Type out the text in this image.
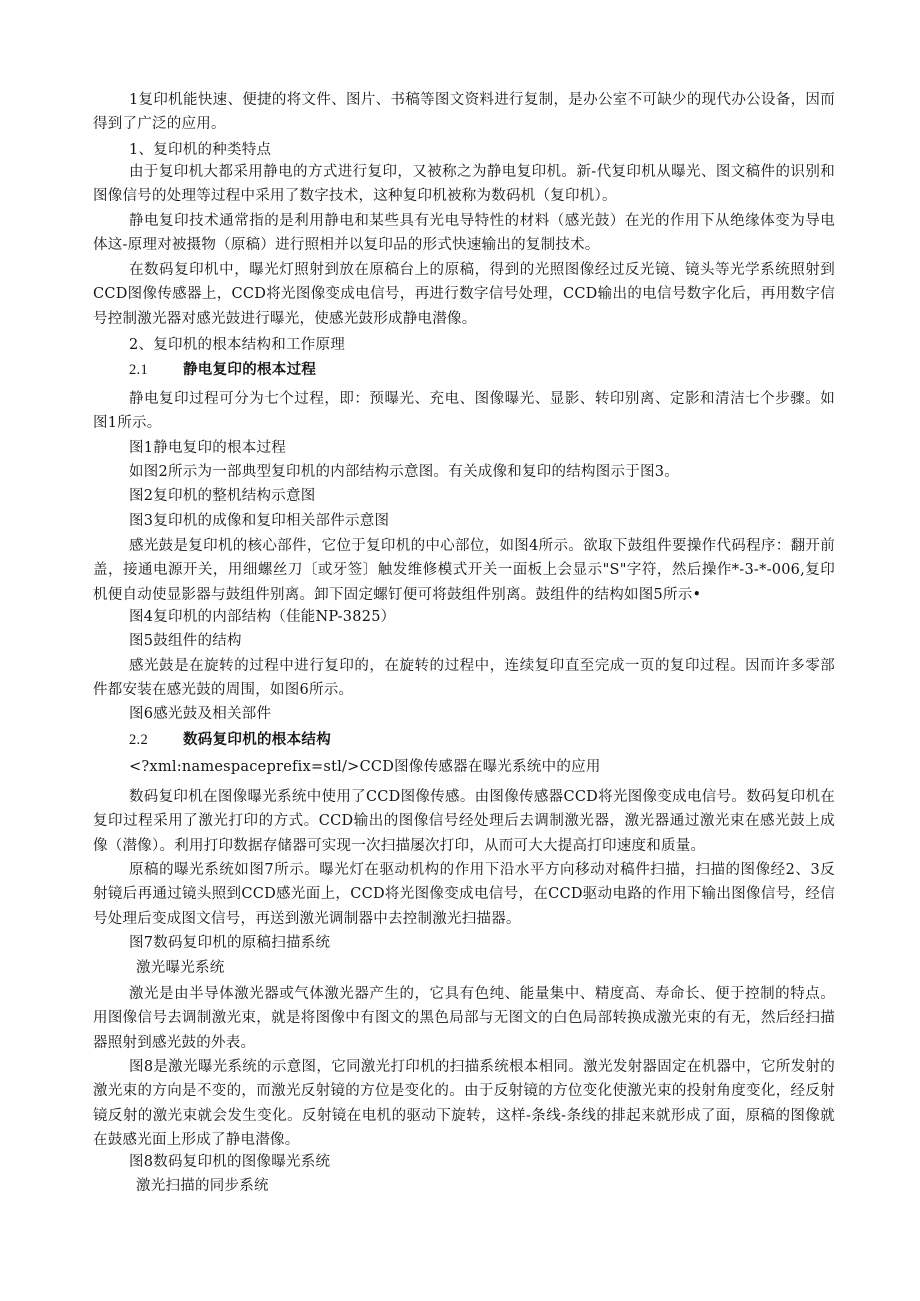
1复印机能快速、便捷的将文件、图片、书稿等图文资料进行复制，是办公室不可缺少的现代办公设备，因而得到了广泛的应用。

1、复印机的种类特点

由于复印机大都采用静电的方式进行复印，又被称之为静电复印机。新-代复印机从曝光、图文稿件的识别和图像信号的处理等过程中采用了数字技术，这种复印机被称为数码机（复印机）。

静电复印技术通常指的是利用静电和某些具有光电导特性的材料（感光鼓）在光的作用下从绝缘体变为导电体这-原理对被摄物（原稿）进行照相并以复印品的形式快速输出的复制技术。

在数码复印机中，曝光灯照射到放在原稿台上的原稿，得到的光照图像经过反光镜、镜头等光学系统照射到CCD图像传感器上，CCD将光图像变成电信号，再进行数字信号处理，CCD输出的电信号数字化后，再用数字信号控制激光器对感光鼓进行曝光，使感光鼓形成静电潜像。

2、复印机的根本结构和工作原理

2.1 静电复印的根本过程

静电复印过程可分为七个过程，即：预曝光、充电、图像曝光、显影、转印别离、定影和清洁七个步骤。如图1所示。

图1静电复印的根本过程

如图2所示为一部典型复印机的内部结构示意图。有关成像和复印的结构图示于图3。

图2复印机的整机结构示意图

图3复印机的成像和复印相关部件示意图

感光鼓是复印机的核心部件，它位于复印机的中心部位，如图4所示。欲取下鼓组件要操作代码程序：翻开前盖，接通电源开关，用细螺丝刀〔或牙签〕触发维修模式开关一面板上会显示"S"字符，然后操作*-3-*-006,复印机便自动使显影器与鼓组件别离。卸下固定螺钉便可将鼓组件别离。鼓组件的结构如图5所示•

图4复印机的内部结构（佳能NP-3825）

图5鼓组件的结构

感光鼓是在旋转的过程中进行复印的，在旋转的过程中，连续复印直至完成一页的复印过程。因而许多零部件都安装在感光鼓的周围，如图6所示。

图6感光鼓及相关部件

2.2 数码复印机的根本结构

<?xml:namespaceprefix=stl/>CCD图像传感器在曝光系统中的应用

数码复印机在图像曝光系统中使用了CCD图像传感。由图像传感器CCD将光图像变成电信号。数码复印机在复印过程采用了激光打印的方式。CCD输出的图像信号经处理后去调制激光器，激光器通过激光束在感光鼓上成像（潜像）。利用打印数据存储器可实现一次扫描屡次打印，从而可大大提高打印速度和质量。

原稿的曝光系统如图7所示。曝光灯在驱动机构的作用下沿水平方向移动对稿件扫描，扫描的图像经2、3反射镜后再通过镜头照到CCD感光面上，CCD将光图像变成电信号，在CCD驱动电路的作用下输出图像信号，经信号处理后变成图文信号，再送到激光调制器中去控制激光扫描器。

图7数码复印机的原稿扫描系统

激光曝光系统

激光是由半导体激光器或气体激光器产生的，它具有色纯、能量集中、精度高、寿命长、便于控制的特点。用图像信号去调制激光束，就是将图像中有图文的黑色局部与无图文的白色局部转换成激光束的有无，然后经扫描器照射到感光鼓的外表。

图8是激光曝光系统的示意图，它同激光打印机的扫描系统根本相同。激光发射器固定在机器中，它所发射的激光束的方向是不变的，而激光反射镜的方位是变化的。由于反射镜的方位变化使激光束的投射角度变化，经反射镜反射的激光束就会发生变化。反射镜在电机的驱动下旋转，这样-条线-条线的排起来就形成了面，原稿的图像就在鼓感光面上形成了静电潜像。

图8数码复印机的图像曝光系统

激光扫描的同步系统
